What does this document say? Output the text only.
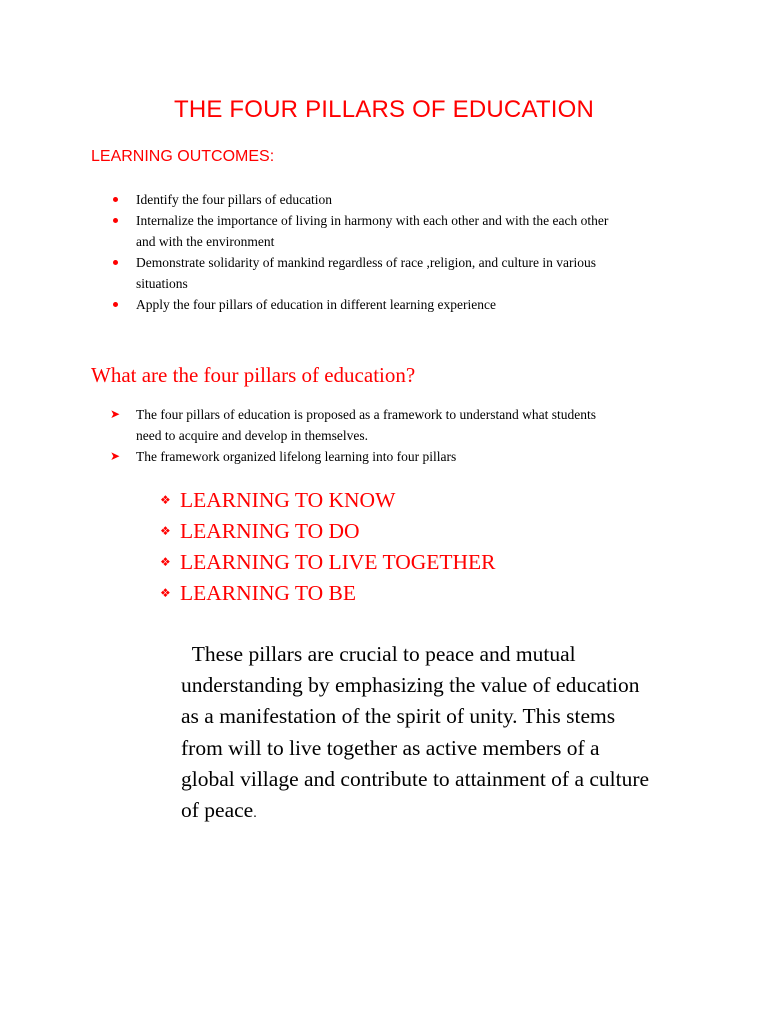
THE FOUR PILLARS OF EDUCATION
LEARNING OUTCOMES:
Identify the four pillars of education
Internalize the importance of living in harmony with each other and with the each other
and with the environment
Demonstrate solidarity of mankind regardless of race ,religion, and culture in various
situations
Apply the four pillars of education in different learning experience
What are the four pillars of education?
➤ The four pillars of education is proposed as a framework to understand what students
need to acquire and develop in themselves.
➤ The framework organized lifelong learning into four pillars
❖ LEARNING TO KNOW
❖ LEARNING TO DO
❖ LEARNING TO LIVE TOGETHER
❖ LEARNING TO BE

These pillars are crucial to peace and mutual
understanding by emphasizing the value of education
as a manifestation of the spirit of unity. This stems
from will to live together as active members of a
global village and contribute to attainment of a culture
of peace.
